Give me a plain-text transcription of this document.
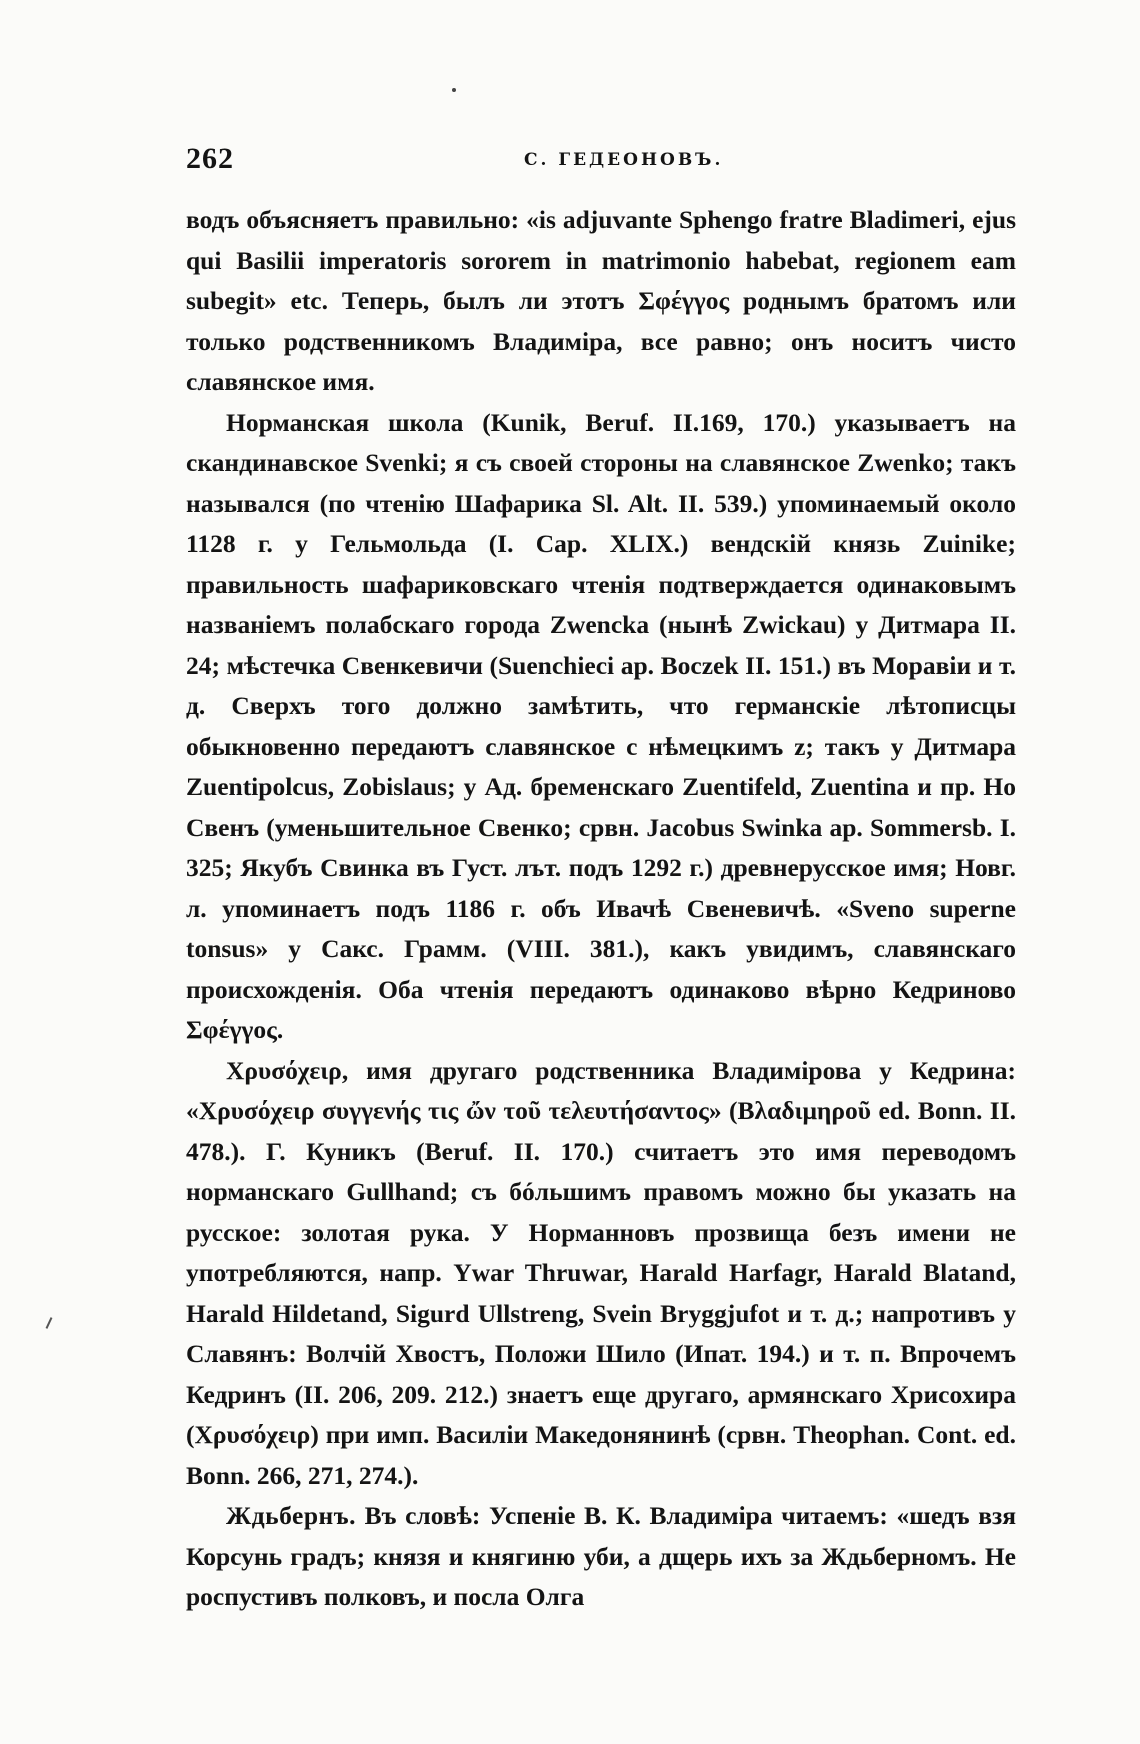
262	С. ГЕДЕОНОВЪ.

водъ объясняетъ правильно: «is adjuvante Sphengo fratre Bladimeri, ejus qui Basilii imperatoris sororem in matrimonio habebat, regionem eam subegit» etc. Теперь, былъ ли этотъ Σφέγγος роднымъ братомъ или только родственникомъ Владиміра, все равно; онъ носитъ чисто славянское имя.

Норманская школа (Kunik, Beruf. II.169, 170.) указываетъ на скандинавское Svenki; я съ своей стороны на славянское Zwenko; такъ назывался (по чтенію Шафарика Sl. Alt. II. 539.) упоминаемый около 1128 г. у Гельмольда (I. Cap. XLIX.) вендскій князь Zuinike; правильность шафариковскаго чтенія подтверждается одинаковымъ названіемъ полабскаго города Zwencka (нынѣ Zwickau) у Дитмара II. 24; мѣстечка Свенкевичи (Suenchieci ap. Boczek II. 151.) въ Моравіи и т. д. Сверхъ того должно замѣтить, что германскіе лѣтописцы обыкновенно передаютъ славянское с нѣмецкимъ z; такъ у Дитмара Zuentipolcus, Zobislaus; у Ад. бременскаго Zuentifeld, Zuentina и пр. Но Свенъ (уменьшительное Свенко; срвн. Jacobus Swinka ap. Sommersb. I. 325; Якубъ Свинка въ Густ. лът. подъ 1292 г.) древнерусское имя; Новг. л. упоминаетъ подъ 1186 г. объ Ивачѣ Свеневичѣ. «Sveno superne tonsus» у Сакс. Грамм. (VIII. 381.), какъ увидимъ, славянскаго происхожденія. Оба чтенія передаютъ одинаково вѣрно Кедриново Σφέγγος.

Χρυσόχειρ, имя другаго родственника Владимірова у Кедрина: «Χρυσόχειρ συγγενής τις ὤν τοῦ τελευτήσαντος» (Βλαδιμηροῦ ed. Bonn. II. 478.). Г. Куникъ (Beruf. II. 170.) считаетъ это имя переводомъ норманскаго Gullhand; съ бóльшимъ правомъ можно бы указать на русское: золотая рука. У Норманновъ прозвища безъ имени не употребляются, напр. Ywar Thruwar, Harald Harfagr, Harald Blatand, Harald Hildetand, Sigurd Ullstreng, Svein Bryggjufot и т. д.; напротивъ у Славянъ: Волчій Хвостъ, Положи Шило (Ипат. 194.) и т. п. Впрочемъ Кедринъ (II. 206, 209. 212.) знаетъ еще другаго, армянскаго Хрисохира (Χρυσόχειρ) при имп. Василіи Македонянинѣ (срвн. Theophan. Cont. ed. Bonn. 266, 271, 274.).

Ждьбернъ. Въ словѣ: Успеніе В. К. Владиміра читаемъ: «шедъ взя Корсунь градъ; князя и княгиню уби, а дщерь ихъ за Ждьберномъ. Не роспустивъ полковъ, и посла Олга
